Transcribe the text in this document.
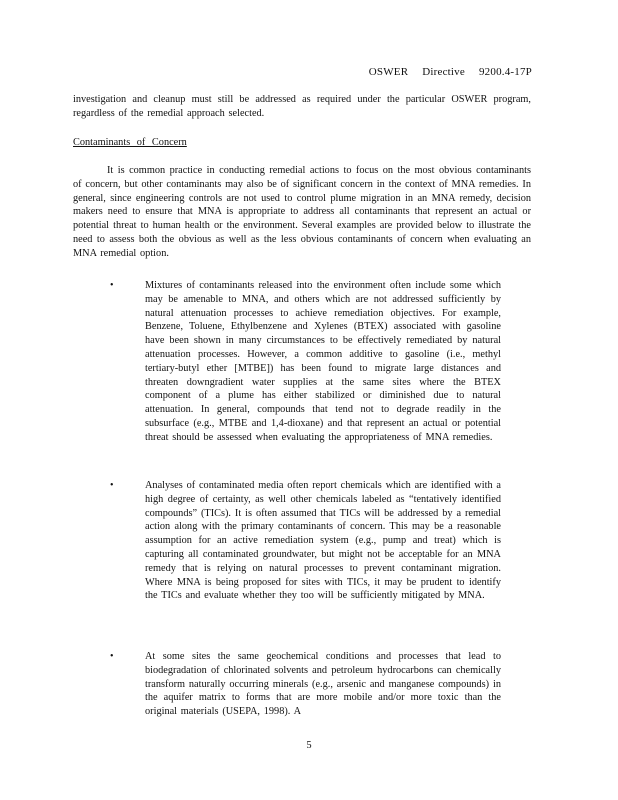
OSWER Directive 9200.4-17P
investigation and cleanup must still be addressed as required under the particular OSWER program, regardless of the remedial approach selected.
Contaminants of Concern
It is common practice in conducting remedial actions to focus on the most obvious contaminants of concern, but other contaminants may also be of significant concern in the context of MNA remedies. In general, since engineering controls are not used to control plume migration in an MNA remedy, decision makers need to ensure that MNA is appropriate to address all contaminants that represent an actual or potential threat to human health or the environment. Several examples are provided below to illustrate the need to assess both the obvious as well as the less obvious contaminants of concern when evaluating an MNA remedial option.
•	Mixtures of contaminants released into the environment often include some which may be amenable to MNA, and others which are not addressed sufficiently by natural attenuation processes to achieve remediation objectives. For example, Benzene, Toluene, Ethylbenzene and Xylenes (BTEX) associated with gasoline have been shown in many circumstances to be effectively remediated by natural attenuation processes. However, a common additive to gasoline (i.e., methyl tertiary-butyl ether [MTBE]) has been found to migrate large distances and threaten downgradient water supplies at the same sites where the BTEX component of a plume has either stabilized or diminished due to natural attenuation. In general, compounds that tend not to degrade readily in the subsurface (e.g., MTBE and 1,4-dioxane) and that represent an actual or potential threat should be assessed when evaluating the appropriateness of MNA remedies.
•	Analyses of contaminated media often report chemicals which are identified with a high degree of certainty, as well other chemicals labeled as “tentatively identified compounds” (TICs). It is often assumed that TICs will be addressed by a remedial action along with the primary contaminants of concern. This may be a reasonable assumption for an active remediation system (e.g., pump and treat) which is capturing all contaminated groundwater, but might not be acceptable for an MNA remedy that is relying on natural processes to prevent contaminant migration. Where MNA is being proposed for sites with TICs, it may be prudent to identify the TICs and evaluate whether they too will be sufficiently mitigated by MNA.
•	At some sites the same geochemical conditions and processes that lead to biodegradation of chlorinated solvents and petroleum hydrocarbons can chemically transform naturally occurring minerals (e.g., arsenic and manganese compounds) in the aquifer matrix to forms that are more mobile and/or more toxic than the original materials (USEPA, 1998). A
5
